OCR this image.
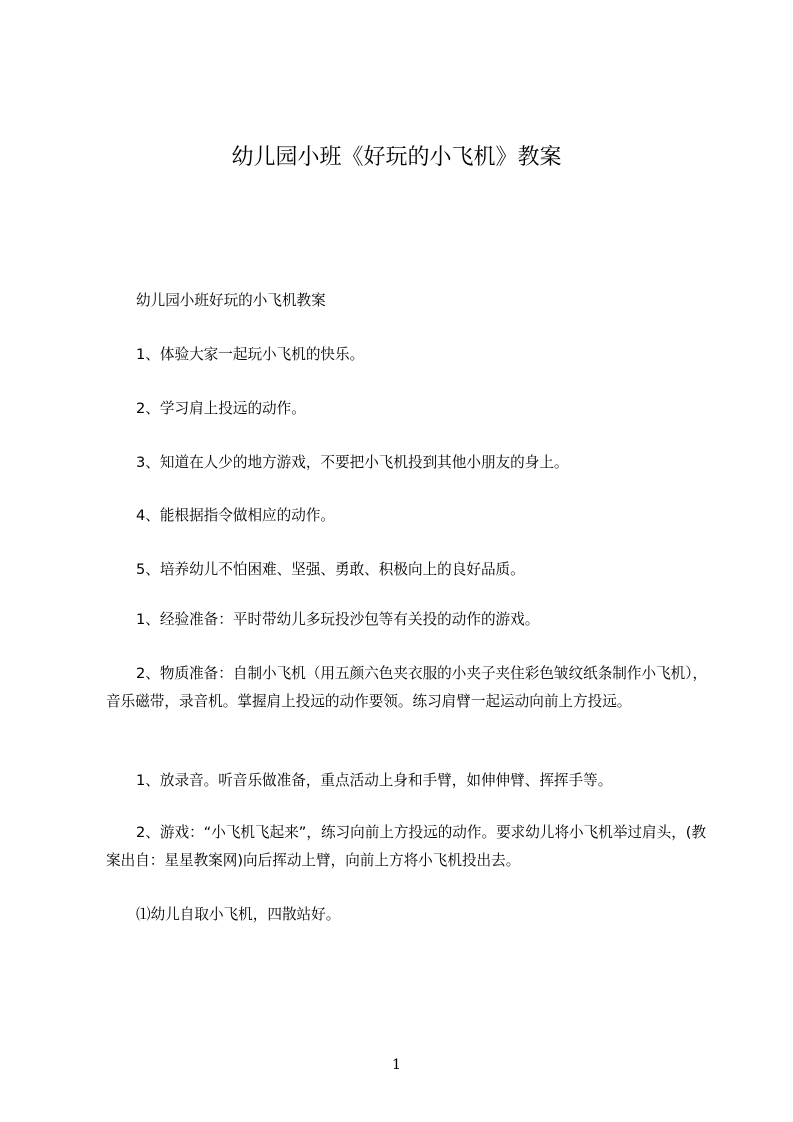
幼儿园小班《好玩的小飞机》教案
幼儿园小班好玩的小飞机教案
1、体验大家一起玩小飞机的快乐。
2、学习肩上投远的动作。
3、知道在人少的地方游戏，不要把小飞机投到其他小朋友的身上。
4、能根据指令做相应的动作。
5、培养幼儿不怕困难、坚强、勇敢、积极向上的良好品质。
1、经验准备：平时带幼儿多玩投沙包等有关投的动作的游戏。
2、物质准备：自制小飞机（用五颜六色夹衣服的小夹子夹住彩色皱纹纸条制作小飞机），音乐磁带，录音机。掌握肩上投远的动作要领。练习肩臂一起运动向前上方投远。
1、放录音。听音乐做准备，重点活动上身和手臂，如伸伸臂、挥挥手等。
2、游戏：“小飞机飞起来”，练习向前上方投远的动作。要求幼儿将小飞机举过肩头，(教案出自：星星教案网)向后挥动上臂，向前上方将小飞机投出去。
⑴幼儿自取小飞机，四散站好。
1
